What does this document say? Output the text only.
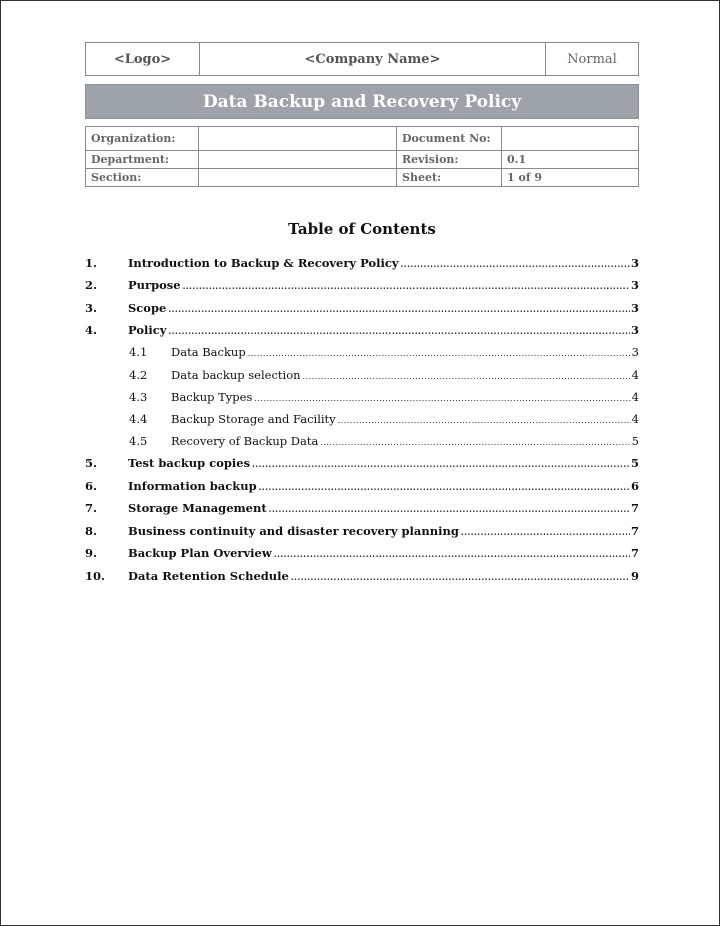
<Logo>	<Company Name>	Normal
Data Backup and Recovery Policy
Organization:		Document No:	
Department:		Revision:	0.1
Section:		Sheet:	1 of 9
Table of Contents
1.	Introduction to Backup & Recovery Policy .....	3
2.	Purpose .....	3
3.	Scope .....	3
4.	Policy .....	3
4.1 Data Backup .....	3
4.2 Data backup selection .....	4
4.3 Backup Types .....	4
4.4 Backup Storage and Facility .....	4
4.5 Recovery of Backup Data .....	5
5.	Test backup copies .....	5
6.	Information backup .....	6
7.	Storage Management .....	7
8.	Business continuity and disaster recovery planning .....	7
9.	Backup Plan Overview .....	7
10. Data Retention Schedule .....	9
